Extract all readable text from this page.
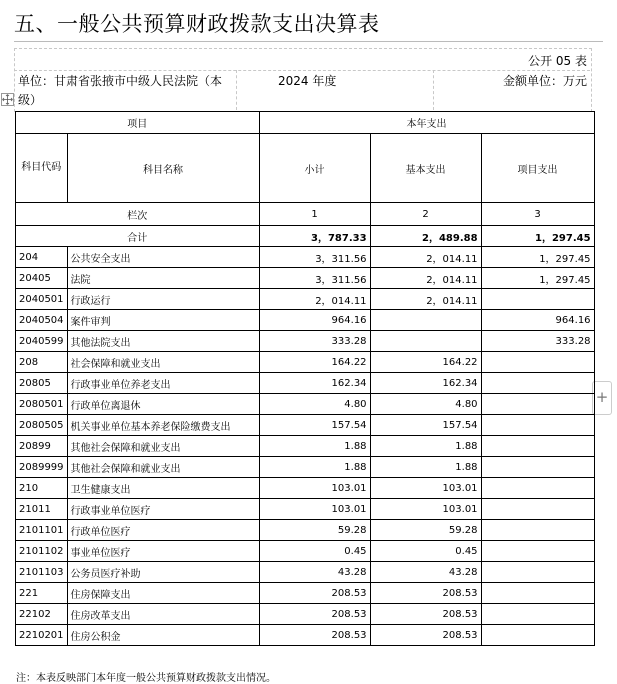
五、一般公共预算财政拨款支出决算表
公开 05 表
单位：甘肃省张掖市中级人民法院（本级）
2024 年度	金额单位：万元
+
项目		本年支出		
科目代码	科目名称	小计	基本支出	项目支出
栏次		1	2	3
合计		3，787.33	2，489.88	1，297.45
204	公共安全支出	3，311.56	2，014.11	1，297.45
20405	法院	3，311.56	2，014.11	1，297.45
2040501	行政运行	2，014.11	2，014.11	
2040504	案件审判	964.16		964.16
2040599	其他法院支出	333.28		333.28
208	社会保障和就业支出	164.22	164.22	
20805	行政事业单位养老支出	162.34	162.34	
2080501	行政单位离退休	4.80	4.80	
2080505	机关事业单位基本养老保险缴费支出	157.54	157.54	
20899	其他社会保障和就业支出	1.88	1.88	
2089999	其他社会保障和就业支出	1.88	1.88	
210	卫生健康支出	103.01	103.01	
21011	行政事业单位医疗	103.01	103.01	
2101101	行政单位医疗	59.28	59.28	
2101102	事业单位医疗	0.45	0.45	
2101103	公务员医疗补助	43.28	43.28	
221	住房保障支出	208.53	208.53	
22102	住房改革支出	208.53	208.53	
2210201	住房公积金	208.53	208.53	
注：本表反映部门本年度一般公共预算财政拨款支出情况。
